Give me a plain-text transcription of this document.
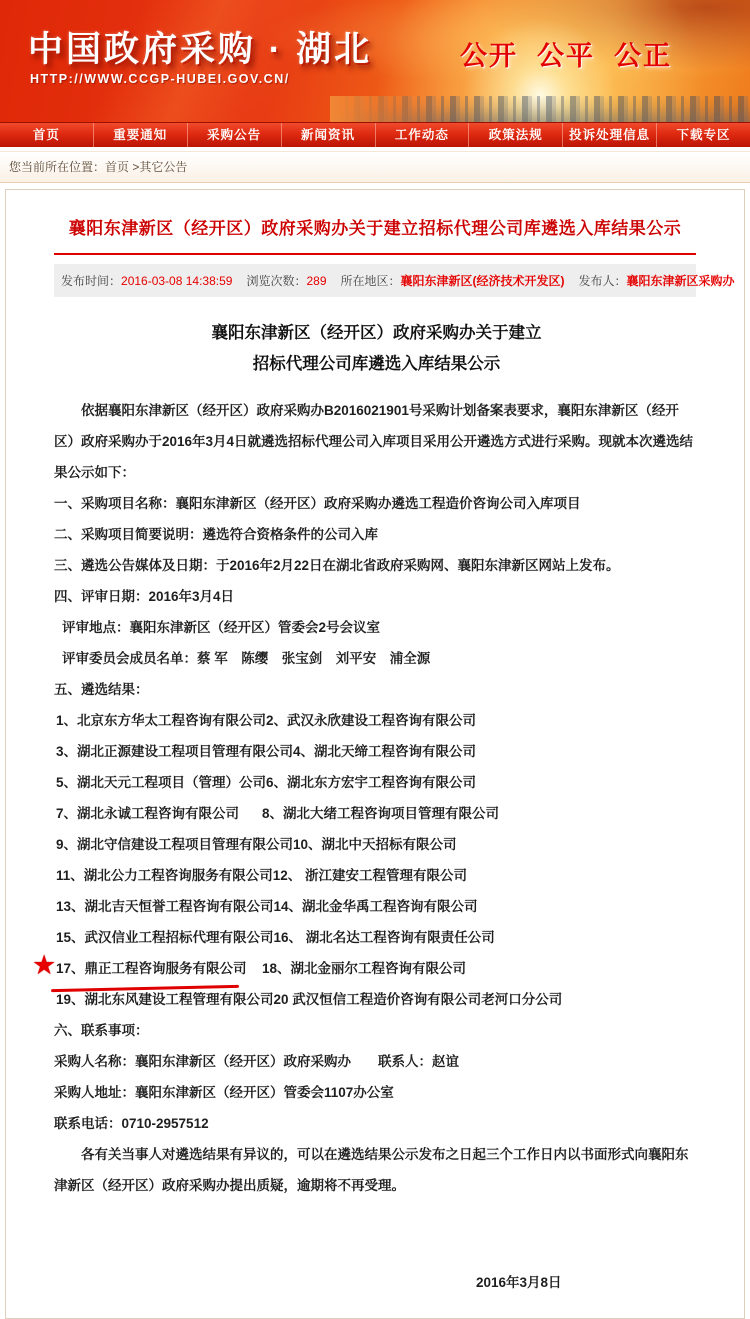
中国政府采购 · 湖北
HTTP://WWW.CCGP-HUBEI.GOV.CN/
公开  公平  公正
首页	重要通知	采购公告	新闻资讯	工作动态	政策法规	投诉处理信息	下载专区
您当前所在位置：首页 >其它公告
襄阳东津新区（经开区）政府采购办关于建立招标代理公司库遴选入库结果公示
发布时间：2016-03-08 14:38:59 浏览次数：289 所在地区：襄阳东津新区(经济技术开发区) 发布人：襄阳东津新区采购办
襄阳东津新区（经开区）政府采购办关于建立
招标代理公司库遴选入库结果公示

依据襄阳东津新区（经开区）政府采购办B2016021901号采购计划备案表要求，襄阳东津新区（经开区）政府采购办于2016年3月4日就遴选招标代理公司入库项目采用公开遴选方式进行采购。现就本次遴选结果公示如下：

一、采购项目名称：襄阳东津新区（经开区）政府采购办遴选工程造价咨询公司入库项目

二、采购项目简要说明：遴选符合资格条件的公司入库

三、遴选公告媒体及日期：于2016年2月22日在湖北省政府采购网、襄阳东津新区网站上发布。

四、评审日期：2016年3月4日

评审地点：襄阳东津新区（经开区）管委会2号会议室

评审委员会成员名单：蔡 军　陈缨　张宝剑　刘平安　浦全源

五、遴选结果：

1、北京东方华太工程咨询有限公司2、武汉永欣建设工程咨询有限公司
3、湖北正源建设工程项目管理有限公司4、湖北天缔工程咨询有限公司
5、湖北天元工程项目（管理）公司6、湖北东方宏宇工程咨询有限公司
7、湖北永诚工程咨询有限公司 8、湖北大绪工程咨询项目管理有限公司
9、湖北守信建设工程项目管理有限公司10、湖北中天招标有限公司
11、湖北公力工程咨询服务有限公司12、 浙江建安工程管理有限公司
13、湖北吉天恒誉工程咨询有限公司14、湖北金华禹工程咨询有限公司
15、武汉信业工程招标代理有限公司16、 湖北名达工程咨询有限责任公司
★ 17、鼎正工程咨询服务有限公司 18、湖北金丽尔工程咨询有限公司
19、湖北东风建设工程管理有限公司20 武汉恒信工程造价咨询有限公司老河口分公司

六、联系事项：

采购人名称：襄阳东津新区（经开区）政府采购办　　联系人：赵谊

采购人地址：襄阳东津新区（经开区）管委会1107办公室

联系电话：0710-2957512

各有关当事人对遴选结果有异议的，可以在遴选结果公示发布之日起三个工作日内以书面形式向襄阳东津新区（经开区）政府采购办提出质疑，逾期将不再受理。

2016年3月8日
